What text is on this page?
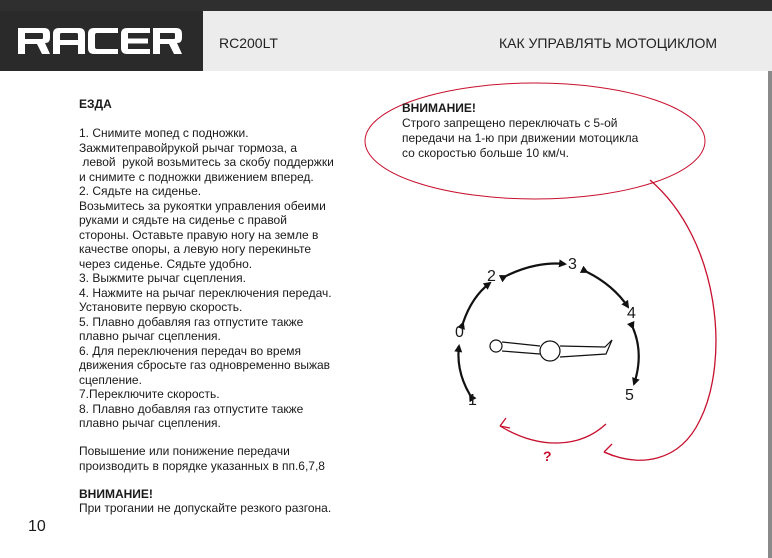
RC200LT	КАК УПРАВЛЯТЬ МОТОЦИКЛОМ
ЕЗДА
1. Снимите мопед с подножки.
Зажмитеправойрукой рычаг тормоза, а
левой  рукой возьмитесь за скобу поддержки
и снимите с подножки движением вперед.
2. Сядьте на сиденье.
Возьмитесь за рукоятки управления обеими
руками и сядьте на сиденье с правой
стороны. Оставьте правую ногу на земле в
качестве опоры, а левую ногу перекиньте
через сиденье. Сядьте удобно.
3. Выжмите рычаг сцепления.
4. Нажмите на рычаг переключения передач.
Установите первую скорость.
5. Плавно добавляя газ отпустите также
плавно рычаг сцепления.
6. Для переключения передач во время
движения сбросьте газ одновременно выжав
сцепление.
7.Переключите скорость.
8. Плавно добавляя газ отпустите также
плавно рычаг сцепления.
Повышение или понижение передачи
производить в порядке указанных в пп.6,7,8
ВНИМАНИЕ!
При трогании не допускайте резкого разгона.
10
1
0
2
3
4
5
?
ВНИМАНИЕ!
Строго запрещено переключать с 5-ой
передачи на 1-ю при движении мотоцикла
со скоростью больше 10 км/ч.
